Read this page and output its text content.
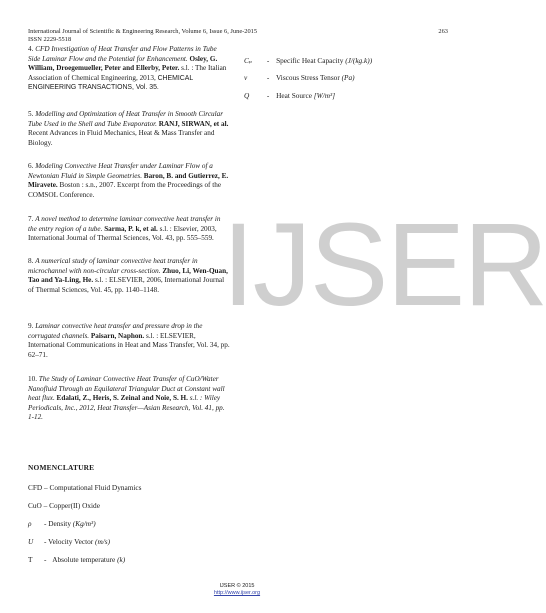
International Journal of Scientific & Engineering Research, Volume 6, Issue 6, June-2015
ISSN 2229-5518
263
IJSER
4. CFD Investigation of Heat Transfer and Flow Patterns in Tube Side Laminar Flow and the Potential for Enhancement. Osley, G. William, Droegemueller, Peter and Ellerby, Peter. s.l. : The Italian Association of Chemical Engineering, 2013, CHEMICAL ENGINEERING TRANSACTIONS, Vol. 35.
5. Modelling and Optimization of Heat Transfer in Smooth Circular Tube Used in the Shell and Tube Evaporator. RANJ, SIRWAN, et al. Recent Advances in Fluid Mechanics, Heat & Mass Transfer and Biology.
6. Modeling Convective Heat Transfer under Laminar Flow of a Newtonian Fluid in Simple Geometries. Baron, B. and Gutierrez, E. Miravete. Boston : s.n., 2007. Excerpt from the Proceedings of the COMSOL Conference.
7. A novel method to determine laminar convective heat transfer in the entry region of a tube. Sarma, P. k, et al. s.l. : Elsevier, 2003, International Journal of Thermal Sciences, Vol. 43, pp. 555–559.
8. A numerical study of laminar convective heat transfer in microchannel with non-circular cross-section. Zhuo, Li, Wen-Quan, Tao and Ya-Ling, He. s.l. : ELSEVIER, 2006, International Journal of Thermal Sciences, Vol. 45, pp. 1140–1148.
9. Laminar convective heat transfer and pressure drop in the corrugated channels. Paisarn, Naphon. s.l. : ELSEVIER, International Communications in Heat and Mass Transfer, Vol. 34, pp. 62–71.
10. The Study of Laminar Convective Heat Transfer of CuO/Water Nanofluid Through an Equilateral Triangular Duct at Constant wall heat flux. Edalati, Z., Heris, S. Zeinal and Noie, S. H. s.l. : Wiley Periodicals, Inc., 2012, Heat Transfer—Asian Research, Vol. 41, pp. 1-12.
NOMENCLATURE
CFD – Computational Fluid Dynamics
CuO – Copper(II) Oxide
ρ - Density (Kg/m³)
U - Velocity Vector (m/s)
T - Absolute temperature (k)
Cₚ - Specific Heat Capacity (J/(kg.k))
ν	- Viscous Stress Tensor (Pa)
Q - Heat Source [W/m³]
IJSER © 2015
http://www.ijser.org
